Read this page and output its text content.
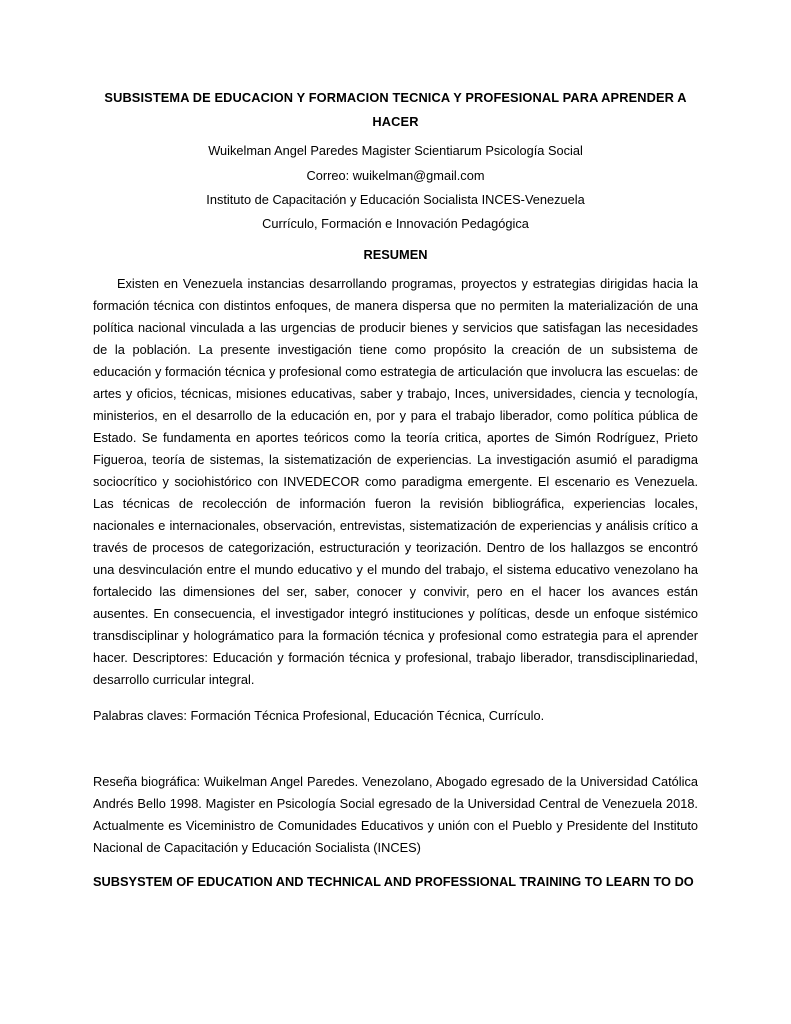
SUBSISTEMA DE EDUCACION Y FORMACION TECNICA Y PROFESIONAL PARA APRENDER A HACER
Wuikelman Angel Paredes Magister Scientiarum Psicología Social
Correo: wuikelman@gmail.com
Instituto de Capacitación y Educación Socialista INCES-Venezuela
Currículo, Formación e Innovación Pedagógica
RESUMEN

Existen en Venezuela instancias desarrollando programas, proyectos y estrategias dirigidas hacia la formación técnica con distintos enfoques, de manera dispersa que no permiten la materialización de una política nacional vinculada a las urgencias de producir bienes y servicios que satisfagan las necesidades de la población. La presente investigación tiene como propósito la creación de un subsistema de educación y formación técnica y profesional como estrategia de articulación que involucra las escuelas: de artes y oficios, técnicas, misiones educativas, saber y trabajo, Inces, universidades, ciencia y tecnología, ministerios, en el desarrollo de la educación en, por y para el trabajo liberador, como política pública de Estado. Se fundamenta en aportes teóricos como la teoría critica, aportes de Simón Rodríguez, Prieto Figueroa, teoría de sistemas, la sistematización de experiencias. La investigación asumió el paradigma sociocrítico y sociohistórico con INVEDECOR como paradigma emergente. El escenario es Venezuela. Las técnicas de recolección de información fueron la revisión bibliográfica, experiencias locales, nacionales e internacionales, observación, entrevistas, sistematización de experiencias y análisis crítico a través de procesos de categorización, estructuración y teorización. Dentro de los hallazgos se encontró una desvinculación entre el mundo educativo y el mundo del trabajo, el sistema educativo venezolano ha fortalecido las dimensiones del ser, saber, conocer y convivir, pero en el hacer los avances están ausentes. En consecuencia, el investigador integró instituciones y políticas, desde un enfoque sistémico transdisciplinar y holográmatico para la formación técnica y profesional como estrategia para el aprender hacer. Descriptores: Educación y formación técnica y profesional, trabajo liberador, transdisciplinariedad, desarrollo curricular integral.

Palabras claves: Formación Técnica Profesional, Educación Técnica, Currículo.

Reseña biográfica: Wuikelman Angel Paredes. Venezolano, Abogado egresado de la Universidad Católica Andrés Bello 1998. Magister en Psicología Social egresado de la Universidad Central de Venezuela 2018. Actualmente es Viceministro de Comunidades Educativos y unión con el Pueblo y Presidente del Instituto Nacional de Capacitación y Educación Socialista (INCES)

SUBSYSTEM OF EDUCATION AND TECHNICAL AND PROFESSIONAL TRAINING TO LEARN TO DO
